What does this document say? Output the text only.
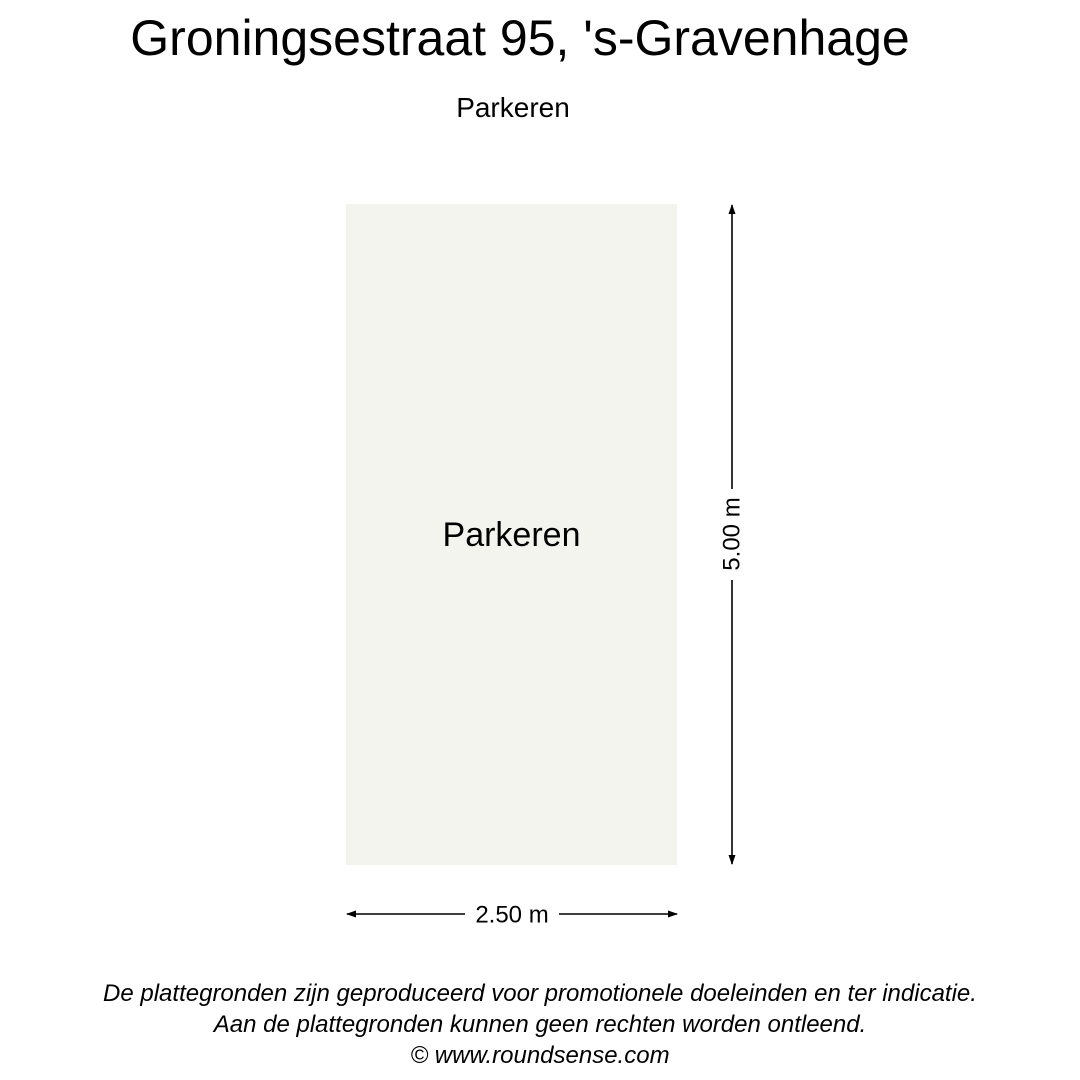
Groningsestraat 95, 's-Gravenhage
Parkeren
Parkeren	5.00 m
2.50 m
De plattegronden zijn geproduceerd voor promotionele doeleinden en ter indicatie.
Aan de plattegronden kunnen geen rechten worden ontleend.
© www.roundsense.com
